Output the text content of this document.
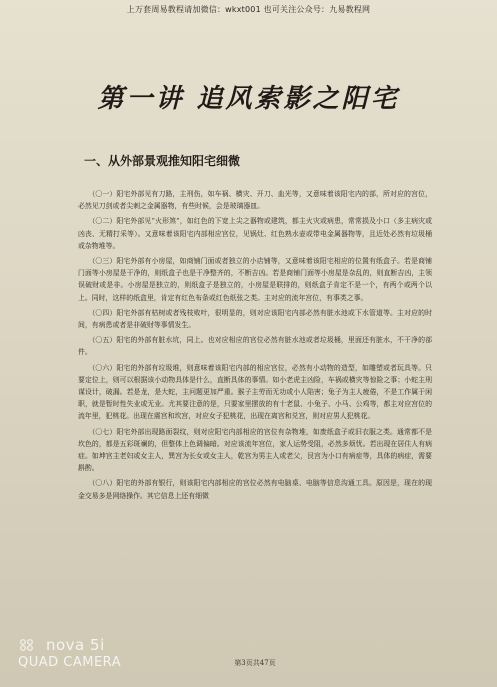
上万套周易教程请加微信：wkxt001 也可关注公众号：九易教程网
第一讲 追风索影之阳宅
一、从外部景观推知阳宅细微

（〇一）阳宅外部见有刀路，主刑伤，如车祸、横灾、开刀、血光等，又意味着该阳宅内的部，所对应的宫位，必然见刀剑或者尖刺之金属器物，有些时候，会是玻璃器皿。

（〇二）阳宅外部见“火形煞”，如红色的下宽上尖之器物或建筑，都主火灾或病患，常常损及小口（多主病灾或凶丧、无精打采等）。又意味着该阳宅内部相应宫位，见锅灶、红色熟水壶或带电金属器物等，且近处必然有垃圾桶或杂物堆等。

（〇三）阳宅外部有小房屋，如商铺门面或者独立的小店铺等，又意味着该阳宅相应的位置有纸盒子。若是商铺门面等小房屋是干净的，则纸盒子也是干净整齐的，不断吉凶。若是商铺门面等小房屋是杂乱的，则直断吉凶，主领误破财或是非。小房屋是独立的，则纸盒子是独立的，小房屋是联排的，则纸盒子肯定不是一个，有两个或两个以上。同时，这样的纸盒里，肯定有红色布条或红色纸张之类。主对应的流年宫位，有事类之事。

（〇四）阳宅外部有枯树或者残枝败叶，很明显的，则对应该阳宅内部必然有脏水池或下水管道等。主对应的时间，有病患或者是非破财等事情发生。

（〇五）阳宅的外部有脏水坑，同上。也对应相应的宫位必然有脏水池或者垃圾桶，里面还有脏水，不干净的部件。

（〇六）阳宅的外部有垃圾堆，则意味着该阳宅内部的相应宫位，必然有小动物的造型，如雕塑或者玩具等。只要定位上，则可以根据该小动物具体是什么，直断具体的事情。如小老虎主凶险，车祸或横灾等惊险之事；小蛇主刑谋设计，破漏。若是龙，是大蛇，主问题更加严重。猴子主劳而无功或小人陷害；兔子为主人疲倦，不是工作属于闲职，就是暂时性失业或无业。尤其要注意的是，只要家里摆放的有十老鼠、小兔子、小马、公鸡等，都主对应宫位的流年里，犯桃花。出现在震宫和坎宫，对应女子犯桃花，出现在离宫和兑宫，则对应男人犯桃花。

（〇七）阳宅外部出现路面裂纹，则对应阳宅内部相应的宫位有杂物堆，如废纸盒子或旧衣服之类。通常都不是坎色的，都是五彩斑斓的，但整体上色调偏暗。对应该流年宫位，家人运势受阻，必然多烦忧。若出现在居住人有病症。如坤宫主老妇或女主人，巽宫为长女或女主人，乾宫为男主人或老父，艮宫为小口有病症等，具体的病症，需要斟酌。

（〇八）阳宅的外部有银行，则该阳宅内部相应的宫位必然有电脑桌、电脑等信息沟通工具。原因是，现在的现金交易多是网络操作。其它信息上还有细微

nova 5i
QUAD CAMERA	第3页共47页
